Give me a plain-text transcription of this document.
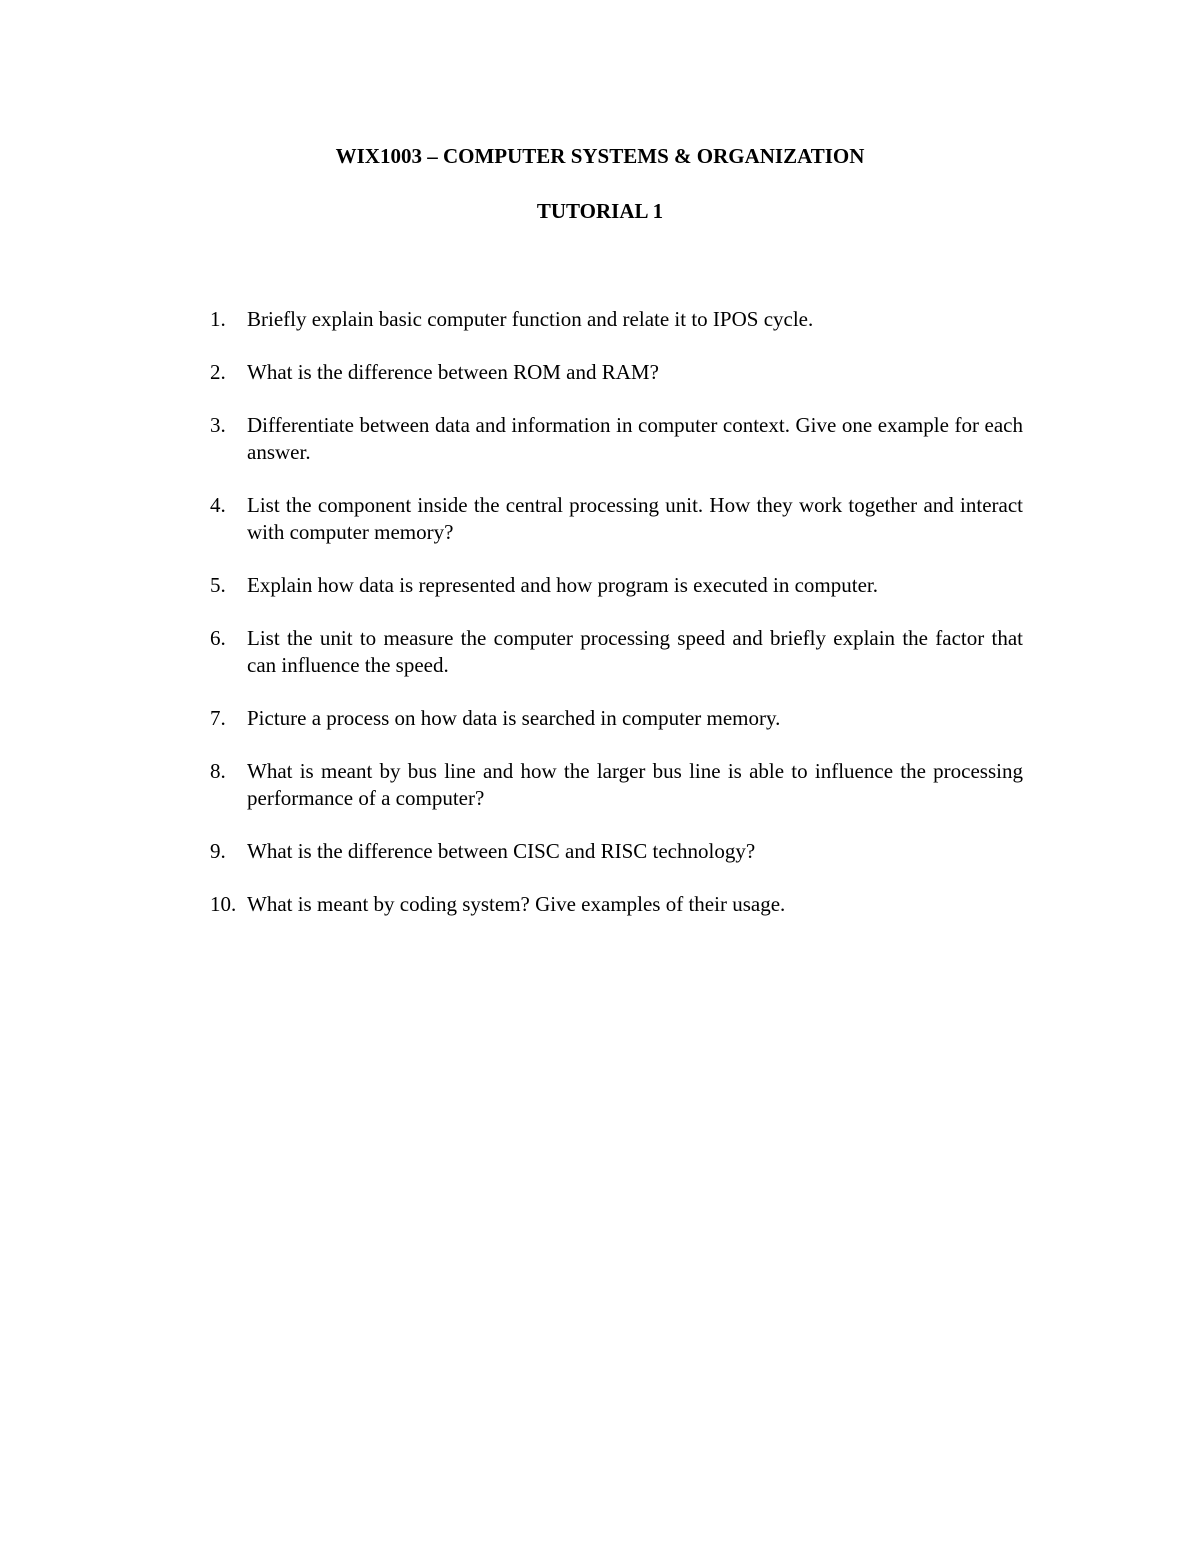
WIX1003 – COMPUTER SYSTEMS & ORGANIZATION
TUTORIAL 1
1. Briefly explain basic computer function and relate it to IPOS cycle.
2. What is the difference between ROM and RAM?
3. Differentiate between data and information in computer context. Give one example for each answer.
4. List the component inside the central processing unit. How they work together and interact with computer memory?
5. Explain how data is represented and how program is executed in computer.
6. List the unit to measure the computer processing speed and briefly explain the factor that can influence the speed.
7. Picture a process on how data is searched in computer memory.
8. What is meant by bus line and how the larger bus line is able to influence the processing performance of a computer?
9. What is the difference between CISC and RISC technology?
10. What is meant by coding system? Give examples of their usage.
